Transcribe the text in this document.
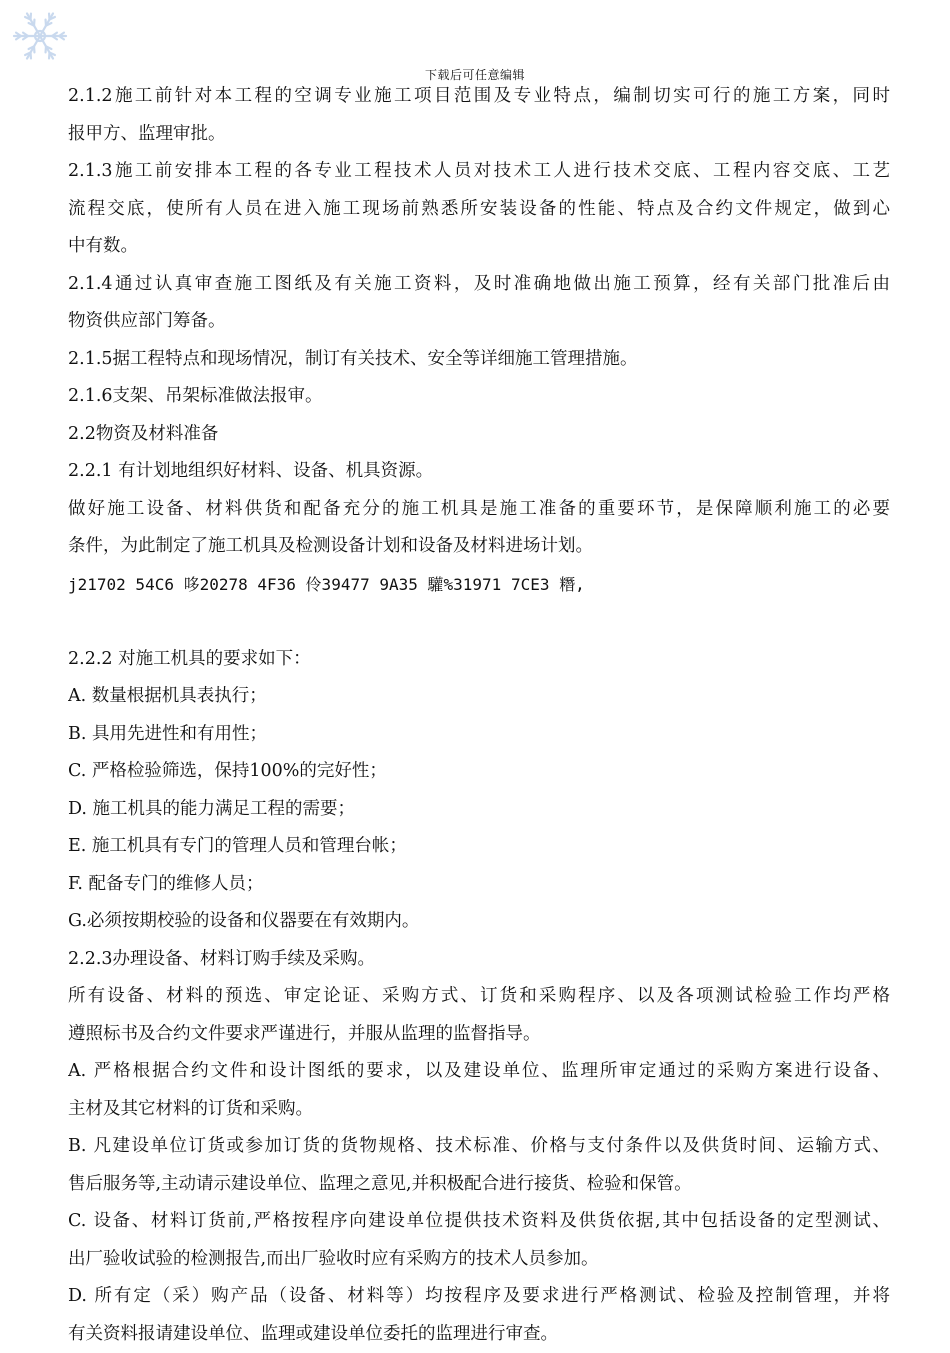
下载后可任意编辑
2.1.2施工前针对本工程的空调专业施工项目范围及专业特点，编制切实可行的施工方案，同时
报甲方、监理审批。
2.1.3施工前安排本工程的各专业工程技术人员对技术工人进行技术交底、工程内容交底、工艺
流程交底，使所有人员在进入施工现场前熟悉所安装设备的性能、特点及合约文件规定，做到心
中有数。
2.1.4通过认真审查施工图纸及有关施工资料，及时准确地做出施工预算，经有关部门批准后由
物资供应部门筹备。
2.1.5据工程特点和现场情况，制订有关技术、安全等详细施工管理措施。
2.1.6支架、吊架标准做法报审。
2.2物资及材料准备
2.2.1 有计划地组织好材料、设备、机具资源。
做好施工设备、材料供货和配备充分的施工机具是施工准备的重要环节，是保障顺利施工的必要
条件，为此制定了施工机具及检测设备计划和设备及材料进场计划。
j21702 54C6 哆20278 4F36 伶39477 9A35 驩%31971 7CE3 糣,
2.2.2 对施工机具的要求如下：
A. 数量根据机具表执行；
B. 具用先进性和有用性；
C. 严格检验筛选，保持100%的完好性；
D. 施工机具的能力满足工程的需要；
E. 施工机具有专门的管理人员和管理台帐；
F. 配备专门的维修人员；
G.必须按期校验的设备和仪器要在有效期内。
2.2.3办理设备、材料订购手续及采购。
所有设备、材料的预选、审定论证、采购方式、订货和采购程序、以及各项测试检验工作均严格
遵照标书及合约文件要求严谨进行，并服从监理的监督指导。
A. 严格根据合约文件和设计图纸的要求，以及建设单位、监理所审定通过的采购方案进行设备、
主材及其它材料的订货和采购。
B. 凡建设单位订货或参加订货的货物规格、技术标准、价格与支付条件以及供货时间、运输方式、
售后服务等,主动请示建设单位、监理之意见,并积极配合进行接货、检验和保管。
C. 设备、材料订货前,严格按程序向建设单位提供技术资料及供货依据,其中包括设备的定型测试、
出厂验收试验的检测报告,而出厂验收时应有采购方的技术人员参加。
D. 所有定（采）购产品（设备、材料等）均按程序及要求进行严格测试、检验及控制管理，并将
有关资料报请建设单位、监理或建设单位委托的监理进行审查。
